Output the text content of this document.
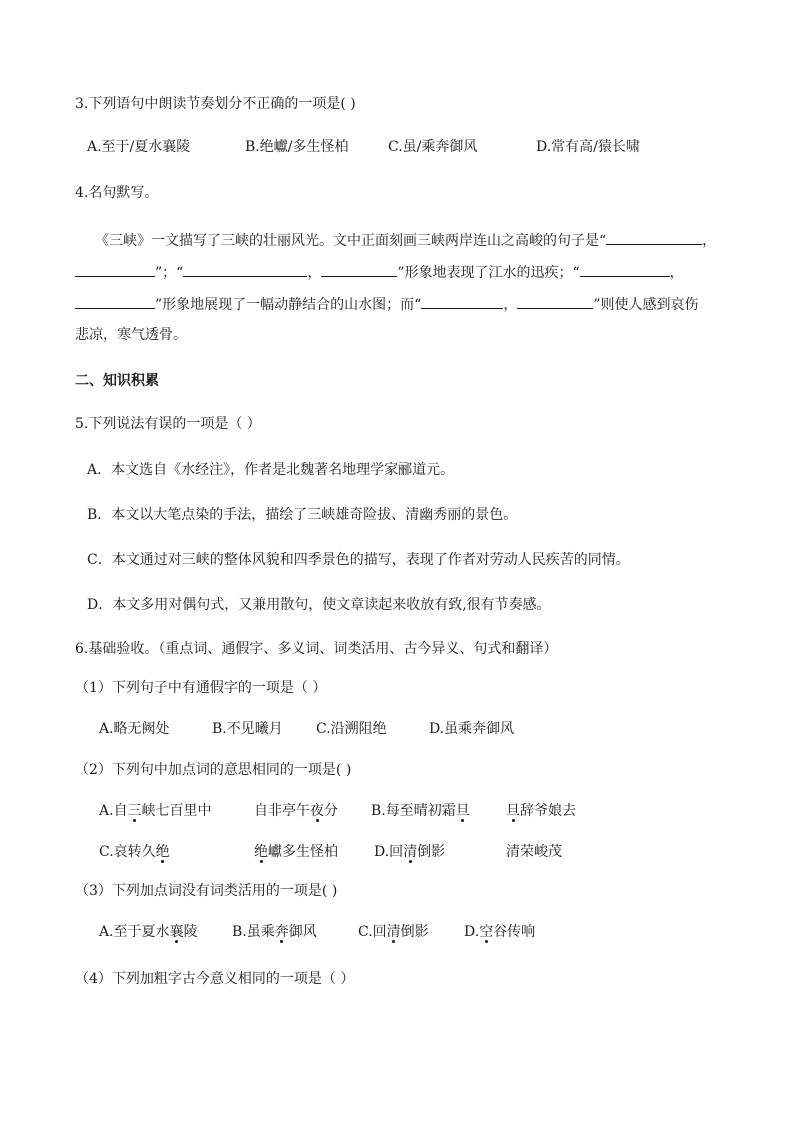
3.下列语句中朗读节奏划分不正确的一项是( )
A.至于/夏水襄陵	B.绝巘/多生怪柏	C.虽/乘奔御风	D.常有高/猿长啸
4.名句默写。
《三峡》一文描写了三峡的壮丽风光。文中正面刻画三峡两岸连山之高峻的句子是“	，
”；“	，	”形象地表现了江水的迅疾；“	，
”形象地展现了一幅动静结合的山水图；而“	，	”则使人感到哀伤
悲凉，寒气透骨。
二、知识积累
5.下列说法有误的一项是（ ）
A．本文选自《水经注》，作者是北魏著名地理学家郦道元。
B．本文以大笔点染的手法，描绘了三峡雄奇险拔、清幽秀丽的景色。
C．本文通过对三峡的整体风貌和四季景色的描写，表现了作者对劳动人民疾苦的同情。
D．本文多用对偶句式，又兼用散句，使文章读起来收放有致,很有节奏感。
6.基础验收。（重点词、通假字、多义词、词类活用、古今异义、句式和翻译）
（1）下列句子中有通假字的一项是（ ）
A.略无阙处	B.不见曦月 C.沿溯阻绝	D.虽乘奔御风
（2）下列句中加点词的意思相同的一项是( )
A.自三峡七百里中	自非亭午夜分 B.每至晴初霜旦	旦辞爷娘去
C.哀转久绝	绝巘多生怪柏	D.回清倒影	清荣峻茂
（3）下列加点词没有词类活用的一项是( )
A.至于夏水襄陵 B.虽乘奔御风	C.回清倒影	D.空谷传响
（4）下列加粗字古今意义相同的一项是（ ）
